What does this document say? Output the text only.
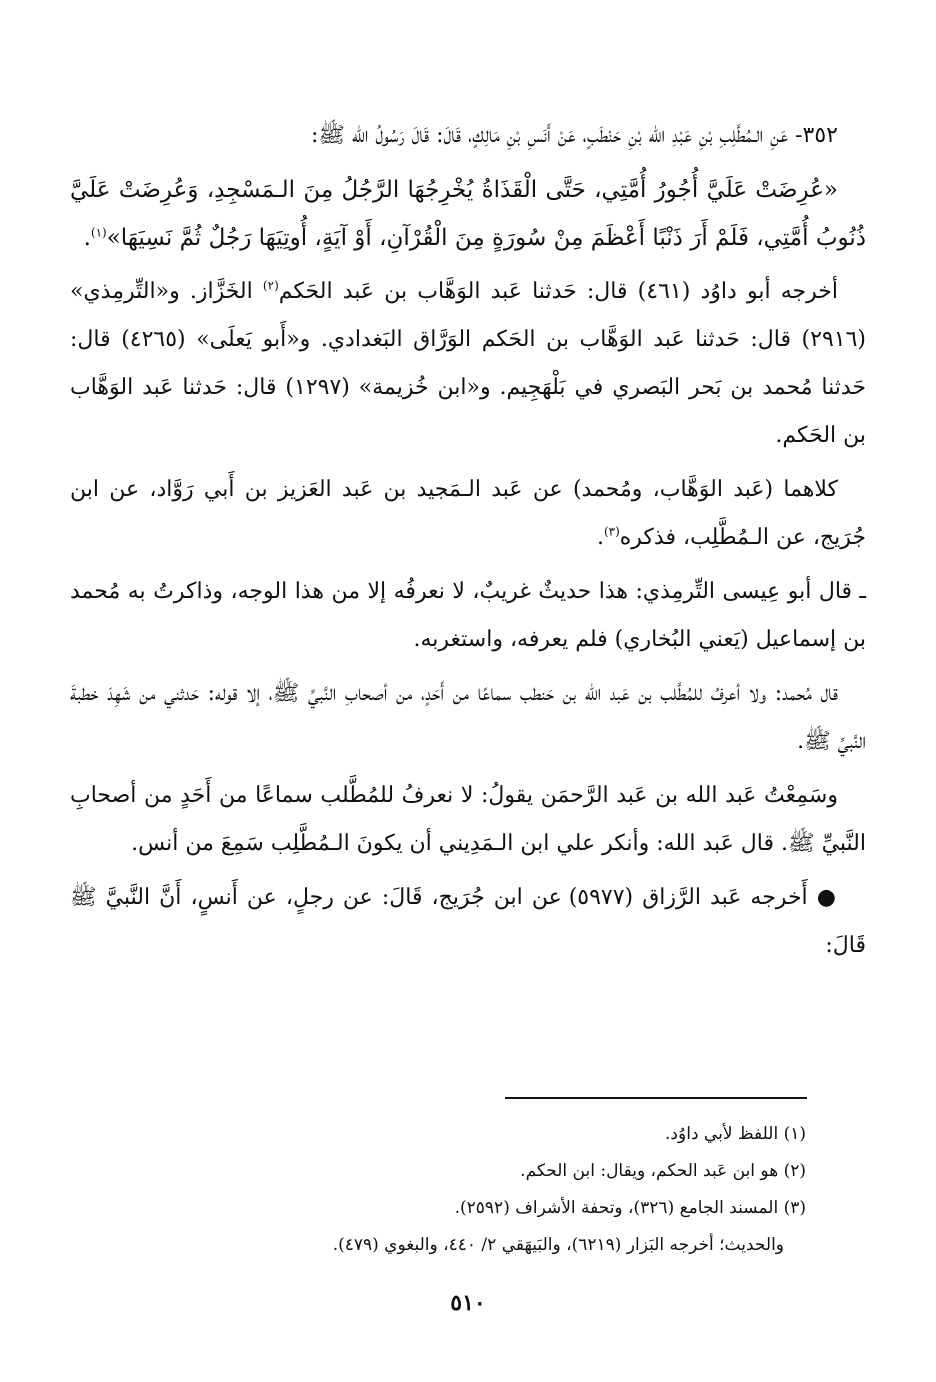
٣٥٢- عَنِ الـمُطَّلِبِ بْنِ عَبْدِ الله بْنِ حَنْطَبٍ، عَنْ أَنَسِ بْنِ مَالِكٍ، قَالَ: قَالَ رَسُولُ الله ﷺ:

«عُرِضَتْ عَلَيَّ أُجُورُ أُمَّتِي، حَتَّى الْقَذَاةُ يُخْرِجُهَا الرَّجُلُ مِنَ الـمَسْجِدِ، وَعُرِضَتْ عَلَيَّ ذُنُوبُ أُمَّتِي، فَلَمْ أَرَ ذَنْبًا أَعْظَمَ مِنْ سُورَةٍ مِنَ الْقُرْآنِ، أَوْ آيَةٍ، أُوتِيَهَا رَجُلٌ ثُمَّ نَسِيَهَا»$^{(١)}$.

أخرجه أبو داوُد (٤٦١) قال: حَدثنا عَبد الوَهَّاب بن عَبد الحَكم$^{(٢)}$ الخَزَّاز. و«التِّرمِذي» (٢٩١٦) قال: حَدثنا عَبد الوَهَّاب بن الحَكم الوَرَّاق البَغدادي. و«أَبو يَعلَى» (٤٢٦٥) قال: حَدثنا مُحمد بن بَحر البَصري في بَلْهَجِيم. و«ابن خُزيمة» (١٢٩٧) قال: حَدثنا عَبد الوَهَّاب بن الحَكم.

كلاهما (عَبد الوَهَّاب، ومُحمد) عن عَبد الـمَجيد بن عَبد العَزيز بن أَبي رَوَّاد، عن ابن جُرَيج، عن الـمُطَّلِب، فذكره$^{(٣)}$.

ـ قال أبو عِيسى التِّرمِذي: هذا حديثٌ غريبٌ، لا نعرفُه إلا من هذا الوجه، وذاكرتُ به مُحمد بن إسماعيل (يَعني البُخاري) فلم يعرفه، واستغربه.

قال مُحمد: ولا أعرفُ للمُطَّلب بن عَبد الله بن حَنطب سماعًا من أَحَدٍ، من أصحابِ النَّبيِّ ﷺ، إلا قوله: حَدثني من شَهِدَ خطبةَ النَّبيِّ ﷺ.

وسَمِعْتُ عَبد الله بن عَبد الرَّحمَن يقولُ: لا نعرفُ للمُطَّلب سماعًا من أَحَدٍ من أصحابِ النَّبيِّ ﷺ. قال عَبد الله: وأنكر علي ابن الـمَدِيني أن يكونَ الـمُطَّلِب سَمِعَ من أنس.

● أَخرجه عَبد الرَّزاق (٥٩٧٧) عن ابن جُرَيج، قَالَ: عن رجلٍ، عن أَنسٍ، أَنَّ النَّبيَّ ﷺ قَالَ:

(١) اللفظ لأبي داوُد.

(٢) هو ابن عَبد الحكم، ويقال: ابن الحكم.

(٣) المسند الجامع (٣٢٦)، وتحفة الأشراف (٢٥٩٢).

والحديث؛ أخرجه البَزار (٦٢١٩)، والبَيهَقي ٢/ ٤٤٠، والبغوي (٤٧٩).

٥١٠
